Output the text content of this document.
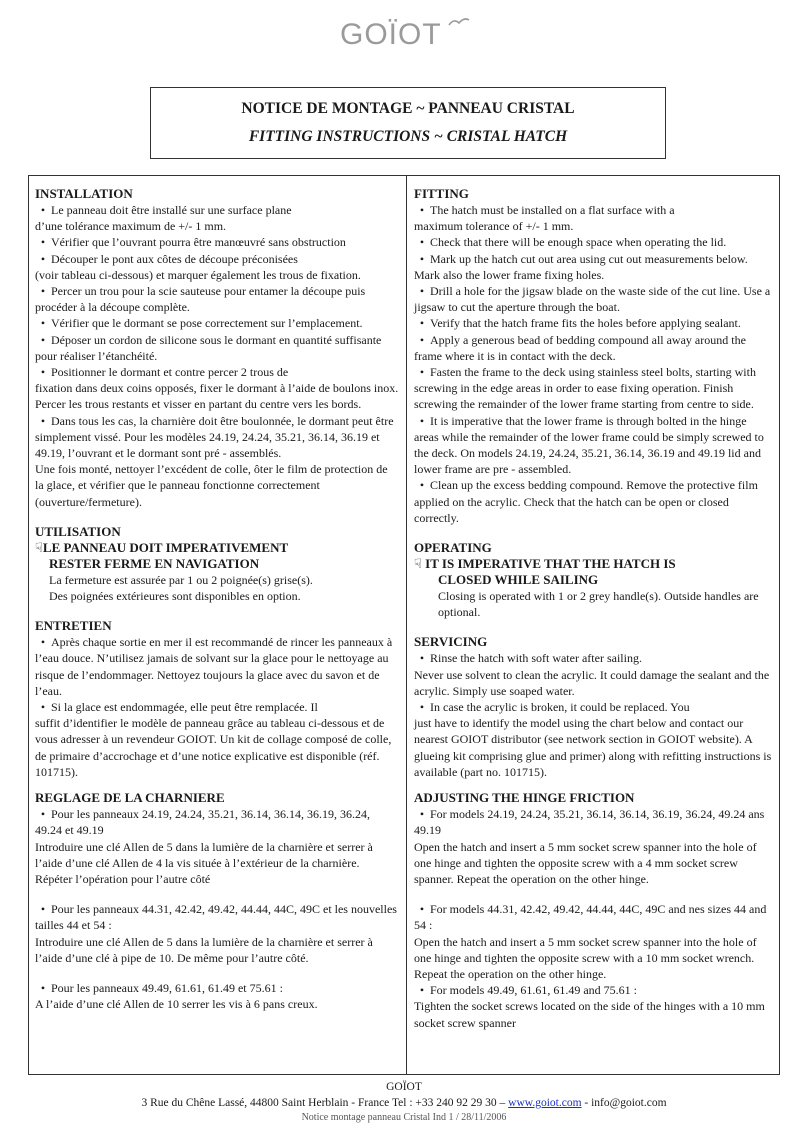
GOÏOT
NOTICE DE MONTAGE ~ PANNEAU CRISTAL
FITTING INSTRUCTIONS ~ CRISTAL HATCH
INSTALLATION
• Le panneau doit être installé sur une surface plane
d’une tolérance maximum de +/- 1 mm.
• Vérifier que l’ouvrant pourra être manœuvré sans obstruction
• Découper le pont aux côtes de découpe préconisées
(voir tableau ci-dessous) et marquer également les trous de fixation.
• Percer un trou pour la scie sauteuse pour entamer la découpe puis procéder à la découpe complète.
• Vérifier que le dormant se pose correctement sur l’emplacement.
• Déposer un cordon de silicone sous le dormant en quantité suffisante pour réaliser l’étanchéité.
• Positionner le dormant et contre percer 2 trous de
fixation dans deux coins opposés, fixer le dormant à l’aide de boulons inox. Percer les trous restants et visser en partant du centre vers les bords.
• Dans tous les cas, la charnière doit être boulonnée, le dormant peut être simplement vissé. Pour les modèles 24.19, 24.24, 35.21, 36.14, 36.19 et 49.19, l’ouvrant et le dormant sont pré - assemblés.
Une fois monté, nettoyer l’excédent de colle, ôter le film de protection de la glace, et vérifier que le panneau fonctionne correctement (ouverture/fermeture).
UTILISATION
☟LE PANNEAU DOIT IMPERATIVEMENT
RESTER FERME EN NAVIGATION
La fermeture est assurée par 1 ou 2 poignée(s) grise(s).
Des poignées extérieures sont disponibles en option.
ENTRETIEN
• Après chaque sortie en mer il est recommandé de rincer les panneaux à l’eau douce. N’utilisez jamais de solvant sur la glace pour le nettoyage au risque de l’endommager. Nettoyez toujours la glace avec du savon et de l’eau.
• Si la glace est endommagée, elle peut être remplacée. Il
suffit d’identifier le modèle de panneau grâce au tableau ci-dessous et de vous adresser à un revendeur GOIOT. Un kit de collage composé de colle, de primaire d’accrochage et d’une notice explicative est disponible (réf. 101715).
REGLAGE DE LA CHARNIERE
• Pour les panneaux 24.19, 24.24, 35.21, 36.14, 36.14, 36.19, 36.24, 49.24 et 49.19
Introduire une clé Allen de 5 dans la lumière de la charnière et serrer à l’aide d’une clé Allen de 4 la vis située à l’extérieur de la charnière. Répéter l’opération pour l’autre côté
• Pour les panneaux 44.31, 42.42, 49.42, 44.44, 44C, 49C et les nouvelles tailles 44 et 54 :
Introduire une clé Allen de 5 dans la lumière de la charnière et serrer à l’aide d’une clé à pipe de 10. De même pour l’autre côté.
• Pour les panneaux 49.49, 61.61, 61.49 et 75.61 :
A l’aide d’une clé Allen de 10 serrer les vis à 6 pans creux.
FITTING
• The hatch must be installed on a flat surface with a
maximum tolerance of +/- 1 mm.
• Check that there will be enough space when operating the lid.
• Mark up the hatch cut out area using cut out measurements below. Mark also the lower frame fixing holes.
• Drill a hole for the jigsaw blade on the waste side of the cut line. Use a jigsaw to cut the aperture through the boat.
• Verify that the hatch frame fits the holes before applying sealant.
• Apply a generous bead of bedding compound all away around the frame where it is in contact with the deck.
• Fasten the frame to the deck using stainless steel bolts, starting with screwing in the edge areas in order to ease fixing operation. Finish screwing the remainder of the lower frame starting from centre to side.
• It is imperative that the lower frame is through bolted in the hinge areas while the remainder of the lower frame could be simply screwed to the deck. On models 24.19, 24.24, 35.21, 36.14, 36.19 and 49.19 lid and lower frame are pre - assembled.
• Clean up the excess bedding compound. Remove the protective film applied on the acrylic. Check that the hatch can be open or closed correctly.
OPERATING
☟ IT IS IMPERATIVE THAT THE HATCH IS
CLOSED WHILE SAILING
Closing is operated with 1 or 2 grey handle(s). Outside handles are optional.
SERVICING
• Rinse the hatch with soft water after sailing.
Never use solvent to clean the acrylic. It could damage the sealant and the acrylic. Simply use soaped water.
• In case the acrylic is broken, it could be replaced. You
just have to identify the model using the chart below and contact our nearest GOIOT distributor (see network section in GOIOT website). A glueing kit comprising glue and primer) along with refitting instructions is available (part no. 101715).
ADJUSTING THE HINGE FRICTION
• For models 24.19, 24.24, 35.21, 36.14, 36.14, 36.19, 36.24, 49.24 ans 49.19
Open the hatch and insert a 5 mm socket screw spanner into the hole of one hinge and tighten the opposite screw with a 4 mm socket screw spanner. Repeat the operation on the other hinge.
• For models 44.31, 42.42, 49.42, 44.44, 44C, 49C and nes sizes 44 and 54 :
Open the hatch and insert a 5 mm socket screw spanner into the hole of one hinge and tighten the opposite screw with a 10 mm socket wrench. Repeat the operation on the other hinge.
• For models 49.49, 61.61, 61.49 and 75.61 :
Tighten the socket screws located on the side of the hinges with a 10 mm socket screw spanner
GOÏOT
3 Rue du Chêne Lassé, 44800 Saint Herblain - France Tel : +33 240 92 29 30 – www.goiot.com - info@goiot.com
Notice montage panneau Cristal Ind 1 / 28/11/2006
